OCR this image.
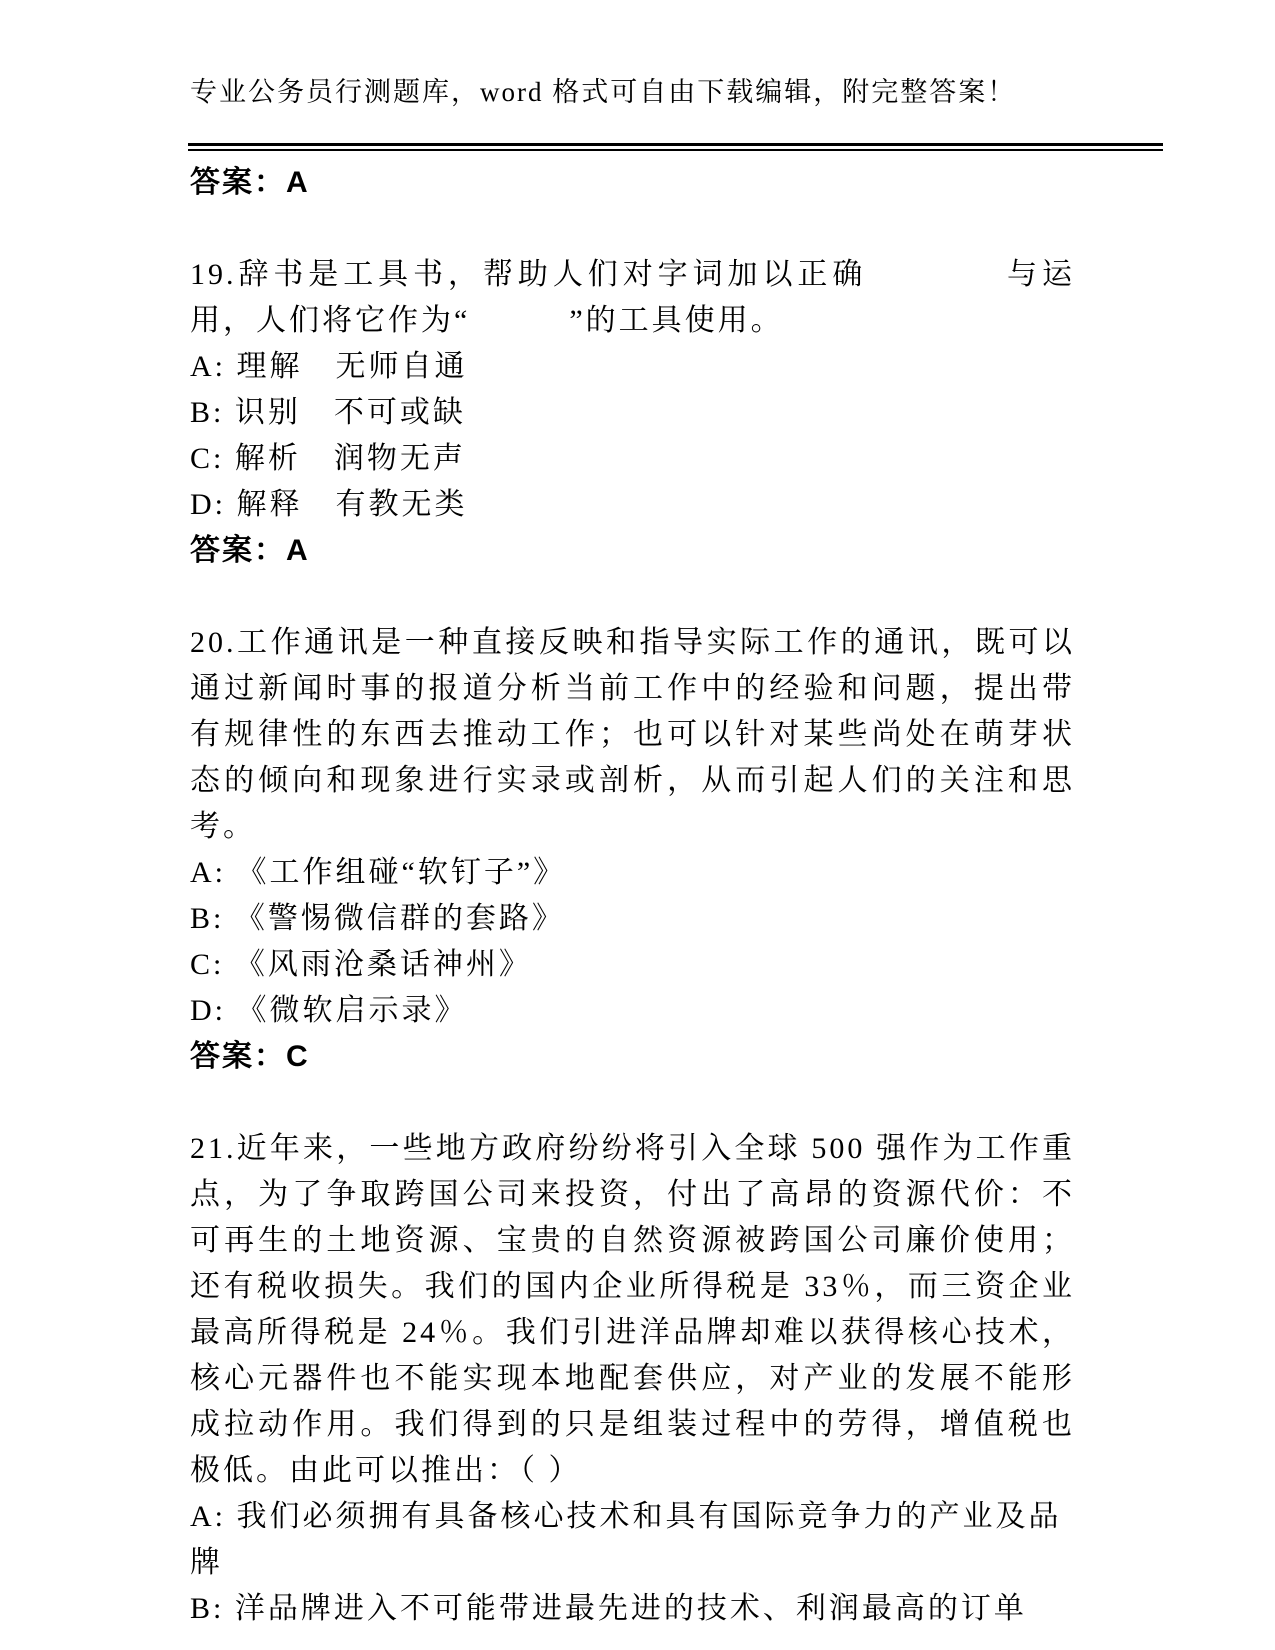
专业公务员行测题库，word 格式可自由下载编辑，附完整答案！
答案：A

19.辞书是工具书，帮助人们对字词加以正确　　　　与运用，人们将它作为“　　　”的工具使用。

A: 理解　无师自通
B: 识别　不可或缺
C: 解析　润物无声
D: 解释　有教无类
答案：A

20.工作通讯是一种直接反映和指导实际工作的通讯，既可以通过新闻时事的报道分析当前工作中的经验和问题，提出带有规律性的东西去推动工作；也可以针对某些尚处在萌芽状态的倾向和现象进行实录或剖析，从而引起人们的关注和思考。

A: 《工作组碰“软钉子”》
B: 《警惕微信群的套路》
C: 《风雨沧桑话神州》
D: 《微软启示录》
答案：C

21.近年来，一些地方政府纷纷将引入全球 500 强作为工作重点，为了争取跨国公司来投资，付出了高昂的资源代价：不可再生的土地资源、宝贵的自然资源被跨国公司廉价使用；还有税收损失。我们的国内企业所得税是 33％，而三资企业最高所得税是 24％。我们引进洋品牌却难以获得核心技术，核心元器件也不能实现本地配套供应，对产业的发展不能形成拉动作用。我们得到的只是组装过程中的劳得，增值税也极低。由此可以推出：（ ）

A: 我们必须拥有具备核心技术和具有国际竞争力的产业及品牌
B: 洋品牌进入不可能带进最先进的技术、利润最高的订单
